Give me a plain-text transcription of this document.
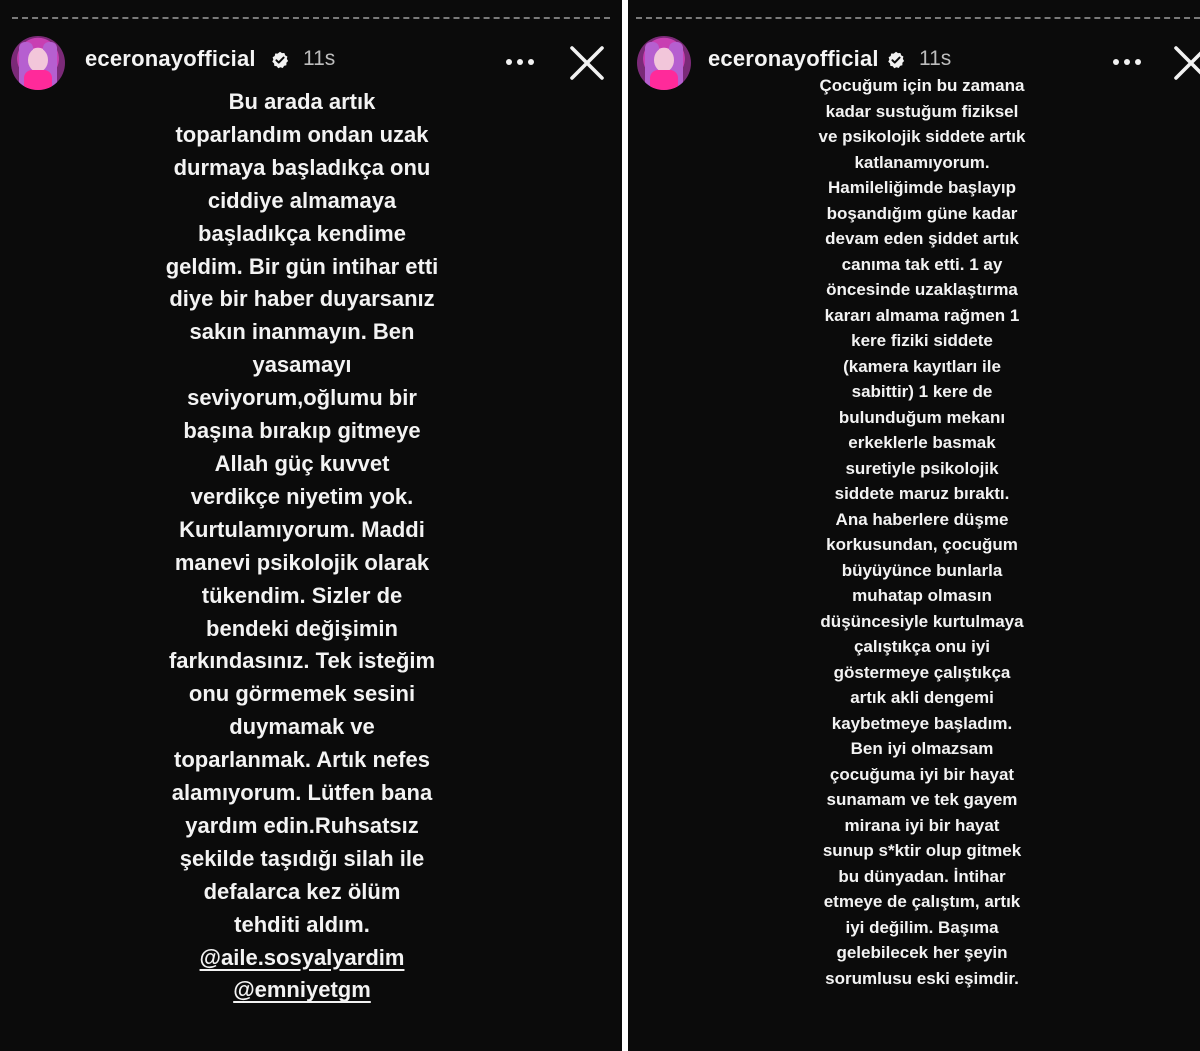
eceronayofficial 11s
Bu arada artık
toparlandım ondan uzak
durmaya başladıkça onu
ciddiye almamaya
başladıkça kendime
geldim. Bir gün intihar etti
diye bir haber duyarsanız
sakın inanmayın. Ben
yasamayı
seviyorum,oğlumu bir
başına bırakıp gitmeye
Allah güç kuvvet
verdikçe niyetim yok.
Kurtulamıyorum. Maddi
manevi psikolojik olarak
tükendim. Sizler de
bendeki değişimin
farkındasınız. Tek isteğim
onu görmemek sesini
duymamak ve
toparlanmak. Artık nefes
alamıyorum. Lütfen bana
yardım edin.Ruhsatsız
şekilde taşıdığı silah ile
defalarca kez ölüm
tehditi aldım.
@aile.sosyalyardim
@emniyetgm
eceronayofficial 11s
Çocuğum için bu zamana
kadar sustuğum fiziksel
ve psikolojik siddete artık
katlanamıyorum.
Hamileliğimde başlayıp
boşandığım güne kadar
devam eden şiddet artık
canıma tak etti. 1 ay
öncesinde uzaklaştırma
kararı almama rağmen 1
kere fiziki siddete
(kamera kayıtları ile
sabittir) 1 kere de
bulunduğum mekanı
erkeklerle basmak
suretiyle psikolojik
siddete maruz bıraktı.
Ana haberlere düşme
korkusundan, çocuğum
büyüyünce bunlarla
muhatap olmasın
düşüncesiyle kurtulmaya
çalıştıkça onu iyi
göstermeye çalıştıkça
artık akli dengemi
kaybetmeye başladım.
Ben iyi olmazsam
çocuğuma iyi bir hayat
sunamam ve tek gayem
mirana iyi bir hayat
sunup s*ktir olup gitmek
bu dünyadan. İntihar
etmeye de çalıştım, artık
iyi değilim. Başıma
gelebilecek her şeyin
sorumlusu eski eşimdir.
